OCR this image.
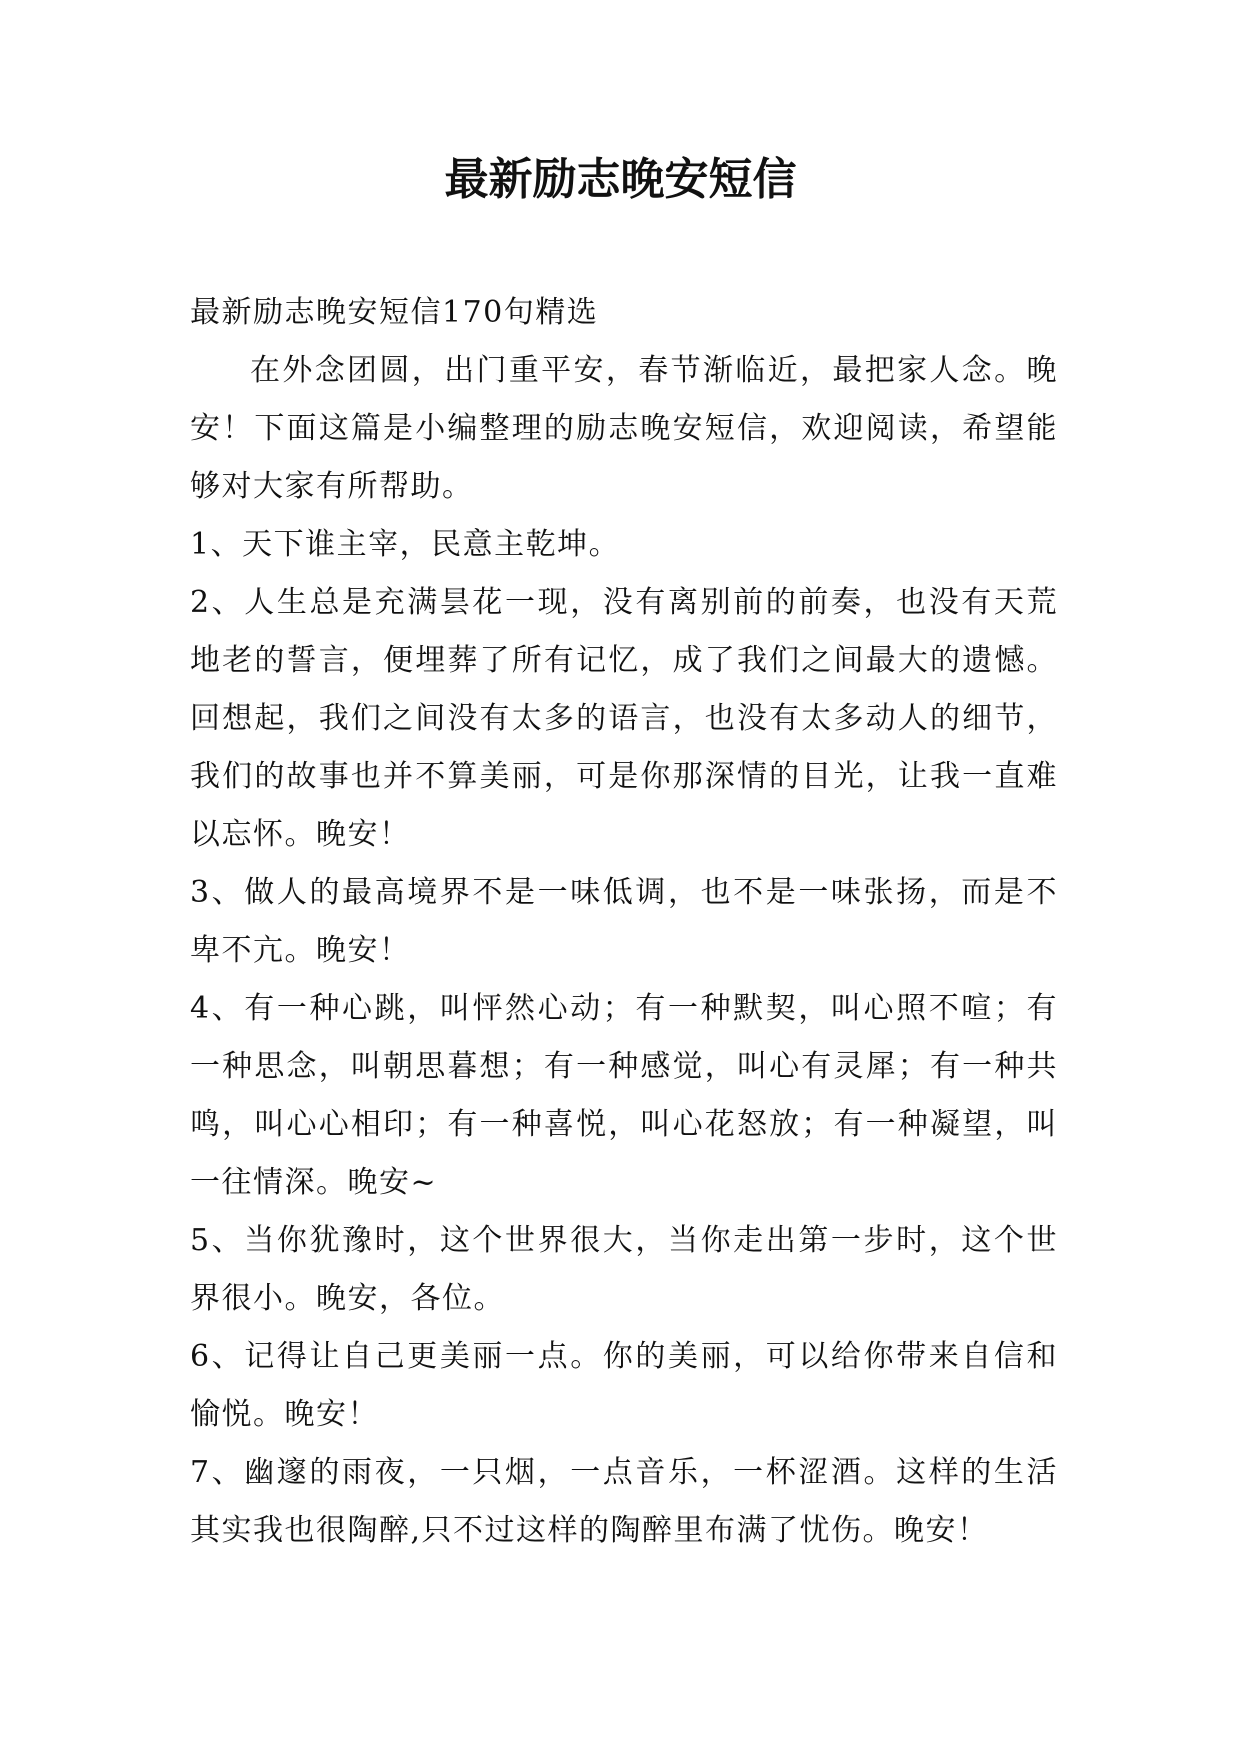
最新励志晚安短信

最新励志晚安短信170句精选

在外念团圆，出门重平安，春节渐临近，最把家人念。晚安！下面这篇是小编整理的励志晚安短信，欢迎阅读，希望能够对大家有所帮助。

1、天下谁主宰，民意主乾坤。

2、人生总是充满昙花一现，没有离别前的前奏，也没有天荒地老的誓言，便埋葬了所有记忆，成了我们之间最大的遗憾。回想起，我们之间没有太多的语言，也没有太多动人的细节，我们的故事也并不算美丽，可是你那深情的目光，让我一直难以忘怀。晚安！

3、做人的最高境界不是一味低调，也不是一味张扬，而是不卑不亢。晚安！

4、有一种心跳，叫怦然心动；有一种默契，叫心照不喧；有一种思念，叫朝思暮想；有一种感觉，叫心有灵犀；有一种共鸣，叫心心相印；有一种喜悦，叫心花怒放；有一种凝望，叫一往情深。晚安~

5、当你犹豫时，这个世界很大，当你走出第一步时，这个世界很小。晚安，各位。

6、记得让自己更美丽一点。你的美丽，可以给你带来自信和愉悦。晚安！

7、幽邃的雨夜，一只烟，一点音乐，一杯涩酒。这样的生活其实我也很陶醉,只不过这样的陶醉里布满了忧伤。晚安！
